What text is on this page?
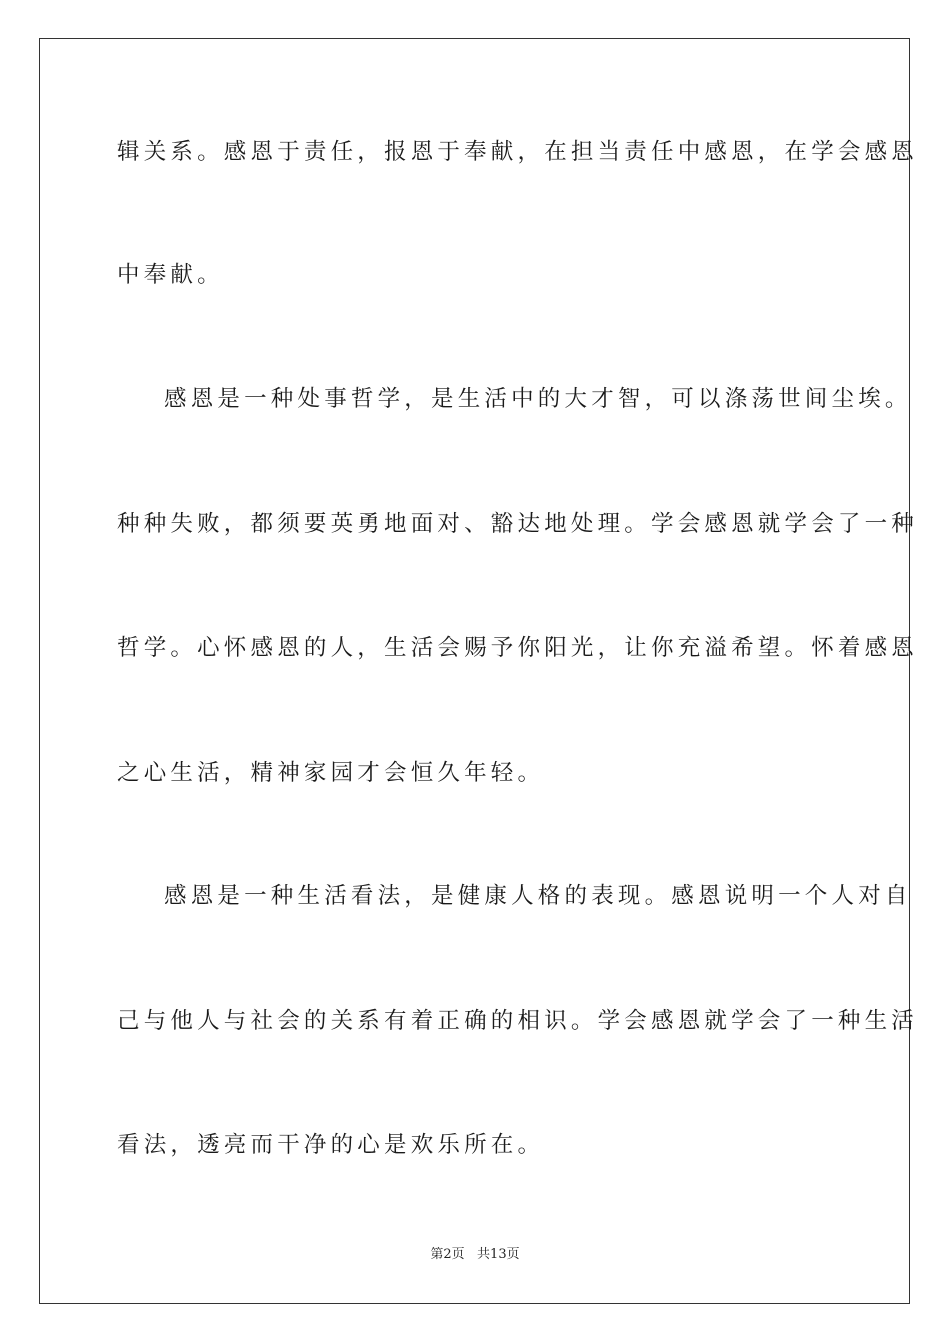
辑关系。感恩于责任，报恩于奉献，在担当责任中感恩，在学会感恩
中奉献。
感恩是一种处事哲学，是生活中的大才智，可以涤荡世间尘埃。
种种失败，都须要英勇地面对、豁达地处理。学会感恩就学会了一种
哲学。心怀感恩的人，生活会赐予你阳光，让你充溢希望。怀着感恩
之心生活，精神家园才会恒久年轻。
感恩是一种生活看法，是健康人格的表现。感恩说明一个人对自
己与他人与社会的关系有着正确的相识。学会感恩就学会了一种生活
看法，透亮而干净的心是欢乐所在。
第2页   共13页
